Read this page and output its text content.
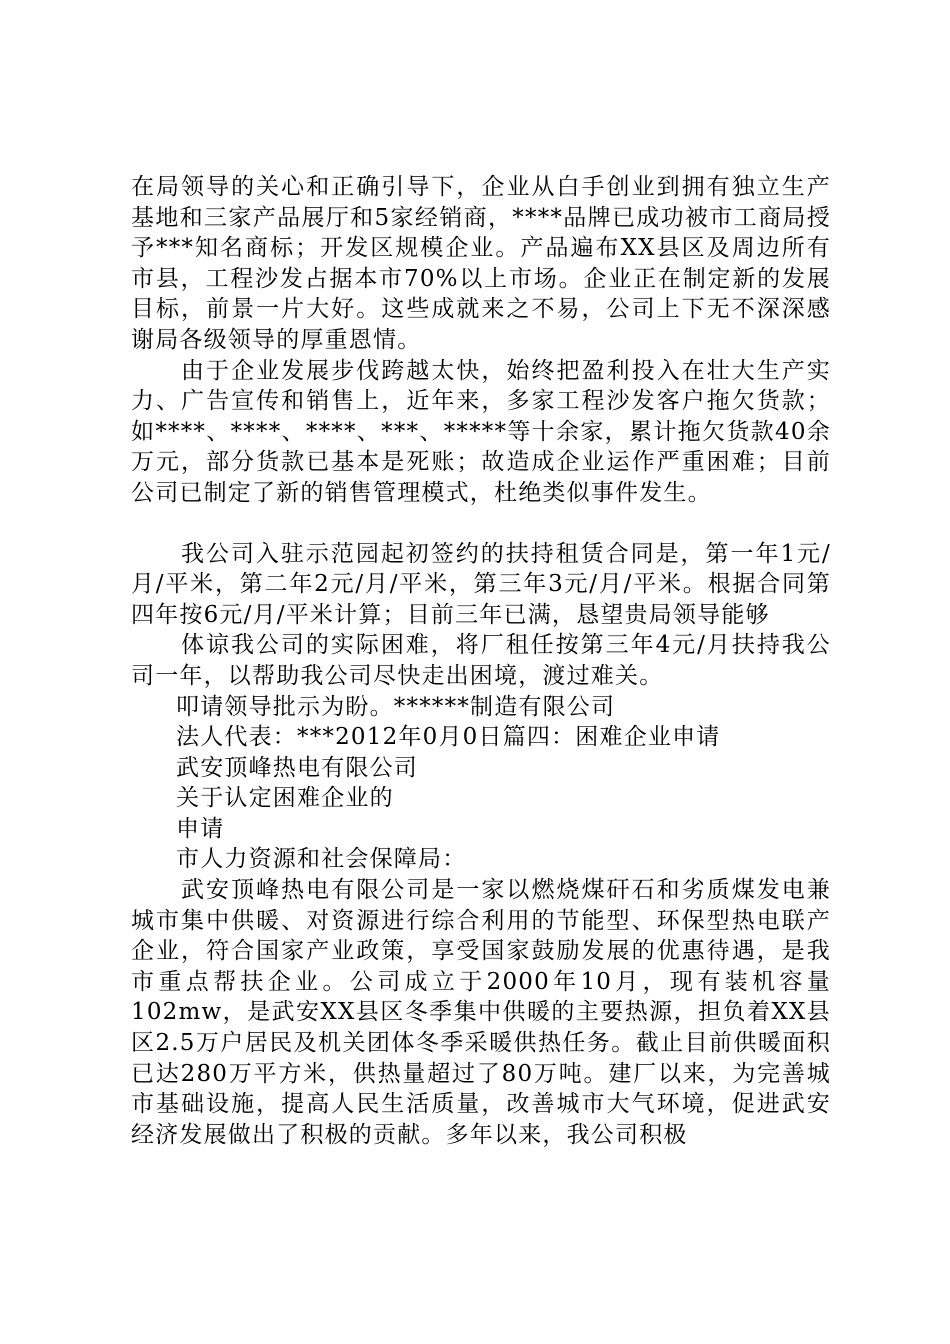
在局领导的关心和正确引导下，企业从白手创业到拥有独立生产基地和三家产品展厅和5家经销商，****品牌已成功被市工商局授予***知名商标；开发区规模企业。产品遍布XX县区及周边所有市县，工程沙发占据本市70%以上市场。企业正在制定新的发展目标，前景一片大好。这些成就来之不易，公司上下无不深深感谢局各级领导的厚重恩情。

由于企业发展步伐跨越太快，始终把盈利投入在壮大生产实力、广告宣传和销售上，近年来，多家工程沙发客户拖欠货款；如****、****、****、***、*****等十余家，累计拖欠货款40余万元，部分货款已基本是死账；故造成企业运作严重困难；目前公司已制定了新的销售管理模式，杜绝类似事件发生。

我公司入驻示范园起初签约的扶持租赁合同是，第一年1元/月/平米，第二年2元/月/平米，第三年3元/月/平米。根据合同第四年按6元/月/平米计算；目前三年已满，恳望贵局领导能够

体谅我公司的实际困难，将厂租任按第三年4元/月扶持我公司一年，以帮助我公司尽快走出困境，渡过难关。

叩请领导批示为盼。******制造有限公司

法人代表：***2012年0月0日篇四：困难企业申请

武安顶峰热电有限公司

关于认定困难企业的

申请

市人力资源和社会保障局：

武安顶峰热电有限公司是一家以燃烧煤矸石和劣质煤发电兼城市集中供暖、对资源进行综合利用的节能型、环保型热电联产企业，符合国家产业政策，享受国家鼓励发展的优惠待遇，是我市重点帮扶企业。公司成立于2000年10月，现有装机容量102mw，是武安XX县区冬季集中供暖的主要热源，担负着XX县区2.5万户居民及机关团体冬季采暖供热任务。截止目前供暖面积已达280万平方米，供热量超过了80万吨。建厂以来，为完善城市基础设施，提高人民生活质量，改善城市大气环境，促进武安经济发展做出了积极的贡献。多年以来，我公司积极
